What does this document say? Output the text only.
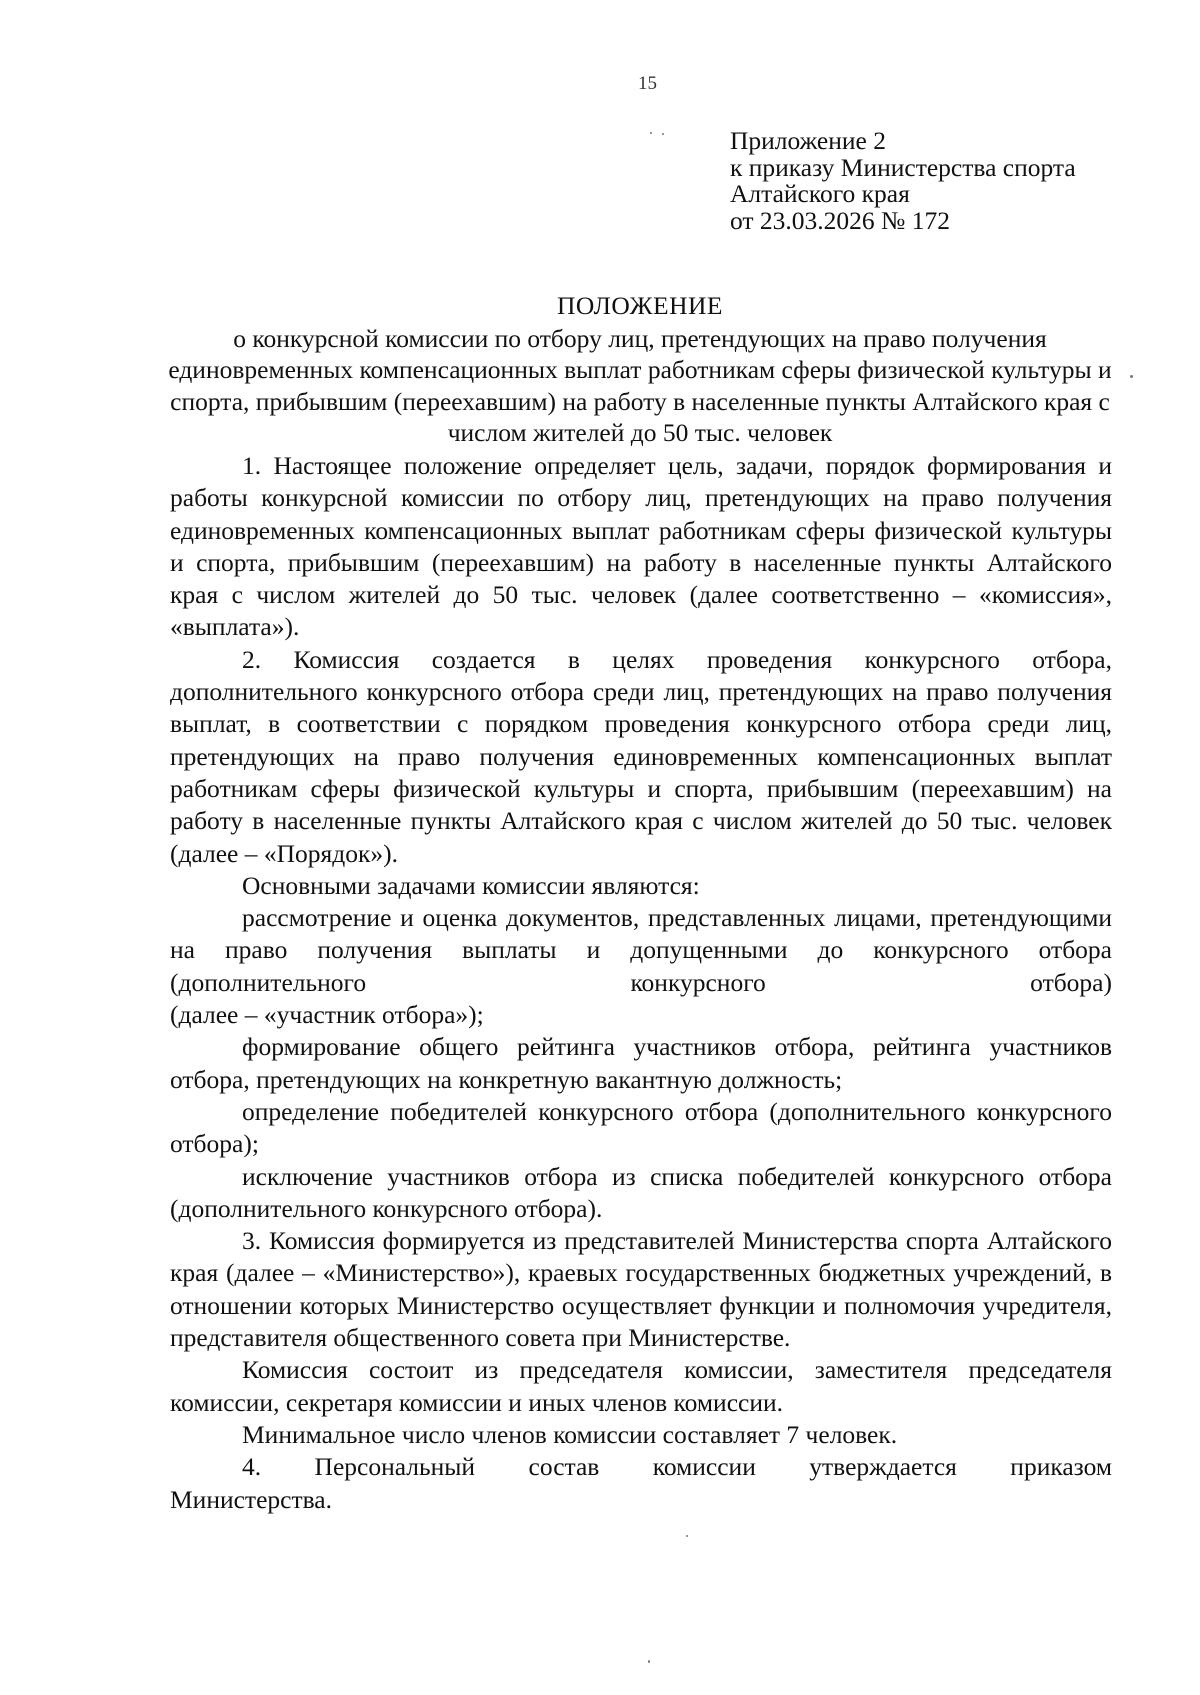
15
Приложение 2
к приказу Министерства спорта
Алтайского края
от 23.03.2026 № 172
ПОЛОЖЕНИЕ
о конкурсной комиссии по отбору лиц, претендующих на право получения единовременных компенсационных выплат работникам сферы физической культуры и спорта, прибывшим (переехавшим) на работу в населенные пункты Алтайского края с числом жителей до 50 тыс. человек

1. Настоящее положение определяет цель, задачи, порядок формирования и работы конкурсной комиссии по отбору лиц, претендующих на право получения единовременных компенсационных выплат работникам сферы физической культуры и спорта, прибывшим (переехавшим) на работу в населенные пункты Алтайского края с числом жителей до 50 тыс. человек (далее соответственно – «комиссия», «выплата»).

2. Комиссия создается в целях проведения конкурсного отбора, дополнительного конкурсного отбора среди лиц, претендующих на право получения выплат, в соответствии с порядком проведения конкурсного отбора среди лиц, претендующих на право получения единовременных компенсационных выплат работникам сферы физической культуры и спорта, прибывшим (переехавшим) на работу в населенные пункты Алтайского края с числом жителей до 50 тыс. человек (далее – «Порядок»).

Основными задачами комиссии являются:

рассмотрение и оценка документов, представленных лицами, претендующими на право получения выплаты и допущенными до конкурсного отбора (дополнительного конкурсного отбора)

(далее – «участник отбора»);

формирование общего рейтинга участников отбора, рейтинга участников отбора, претендующих на конкретную вакантную должность;

определение победителей конкурсного отбора (дополнительного конкурсного отбора);

исключение участников отбора из списка победителей конкурсного отбора (дополнительного конкурсного отбора).

3. Комиссия формируется из представителей Министерства спорта Алтайского края (далее – «Министерство»), краевых государственных бюджетных учреждений, в отношении которых Министерство осуществляет функции и полномочия учредителя, представителя общественного совета при Министерстве.

Комиссия состоит из председателя комиссии, заместителя председателя комиссии, секретаря комиссии и иных членов комиссии.

Минимальное число членов комиссии составляет 7 человек.

4. Персональный состав комиссии утверждается приказом

Министерства.
